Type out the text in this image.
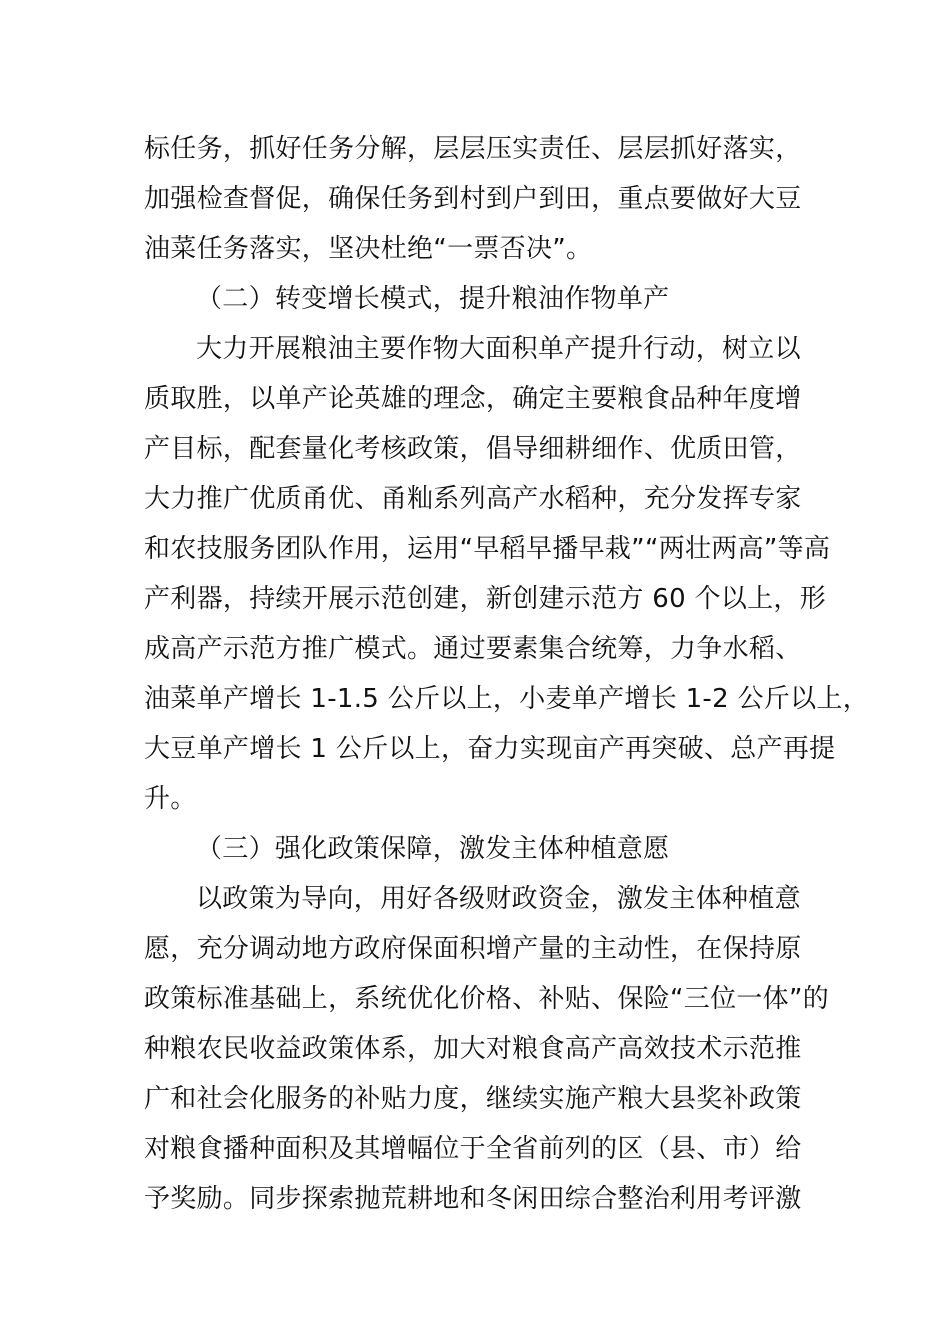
标任务，抓好任务分解，层层压实责任、层层抓好落实，
加强检查督促，确保任务到村到户到田，重点要做好大豆
油菜任务落实，坚决杜绝“一票否决”。
（二）转变增长模式，提升粮油作物单产
大力开展粮油主要作物大面积单产提升行动，树立以
质取胜，以单产论英雄的理念，确定主要粮食品种年度增
产目标，配套量化考核政策，倡导细耕细作、优质田管，
大力推广优质甬优、甬籼系列高产水稻种，充分发挥专家
和农技服务团队作用，运用“早稻早播早栽”“两壮两高”等高
产利器，持续开展示范创建，新创建示范方 60 个以上，形
成高产示范方推广模式。通过要素集合统筹，力争水稻、
油菜单产增长 1-1.5 公斤以上，小麦单产增长 1-2 公斤以上，
大豆单产增长 1 公斤以上，奋力实现亩产再突破、总产再提
升。
（三）强化政策保障，激发主体种植意愿
以政策为导向，用好各级财政资金，激发主体种植意
愿，充分调动地方政府保面积增产量的主动性，在保持原
政策标准基础上，系统优化价格、补贴、保险“三位一体”的
种粮农民收益政策体系，加大对粮食高产高效技术示范推
广和社会化服务的补贴力度，继续实施产粮大县奖补政策
对粮食播种面积及其增幅位于全省前列的区（县、市）给
予奖励。同步探索抛荒耕地和冬闲田综合整治利用考评激
